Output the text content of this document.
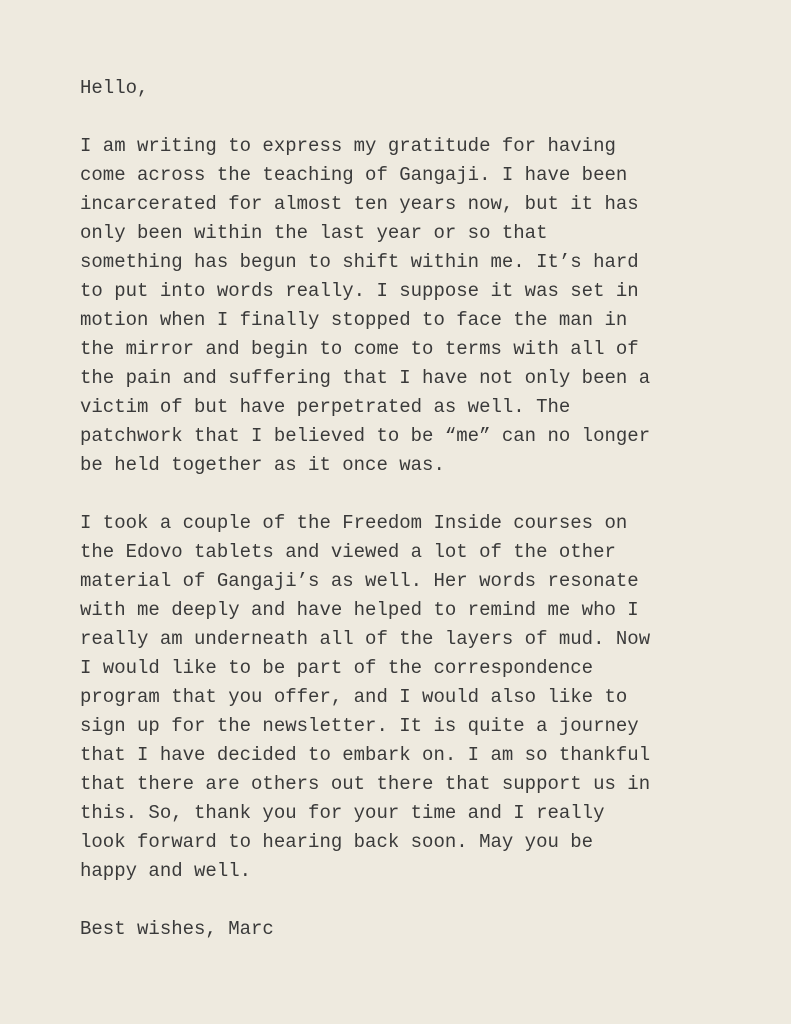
Hello,
I am writing to express my gratitude for having
come across the teaching of Gangaji. I have been
incarcerated for almost ten years now, but it has
only been within the last year or so that
something has begun to shift within me. It’s hard
to put into words really. I suppose it was set in
motion when I finally stopped to face the man in
the mirror and begin to come to terms with all of
the pain and suffering that I have not only been a
victim of but have perpetrated as well. The
patchwork that I believed to be “me” can no longer
be held together as it once was.
I took a couple of the Freedom Inside courses on
the Edovo tablets and viewed a lot of the other
material of Gangaji’s as well. Her words resonate
with me deeply and have helped to remind me who I
really am underneath all of the layers of mud. Now
I would like to be part of the correspondence
program that you offer, and I would also like to
sign up for the newsletter. It is quite a journey
that I have decided to embark on. I am so thankful
that there are others out there that support us in
this. So, thank you for your time and I really
look forward to hearing back soon. May you be
happy and well.
Best wishes, Marc
